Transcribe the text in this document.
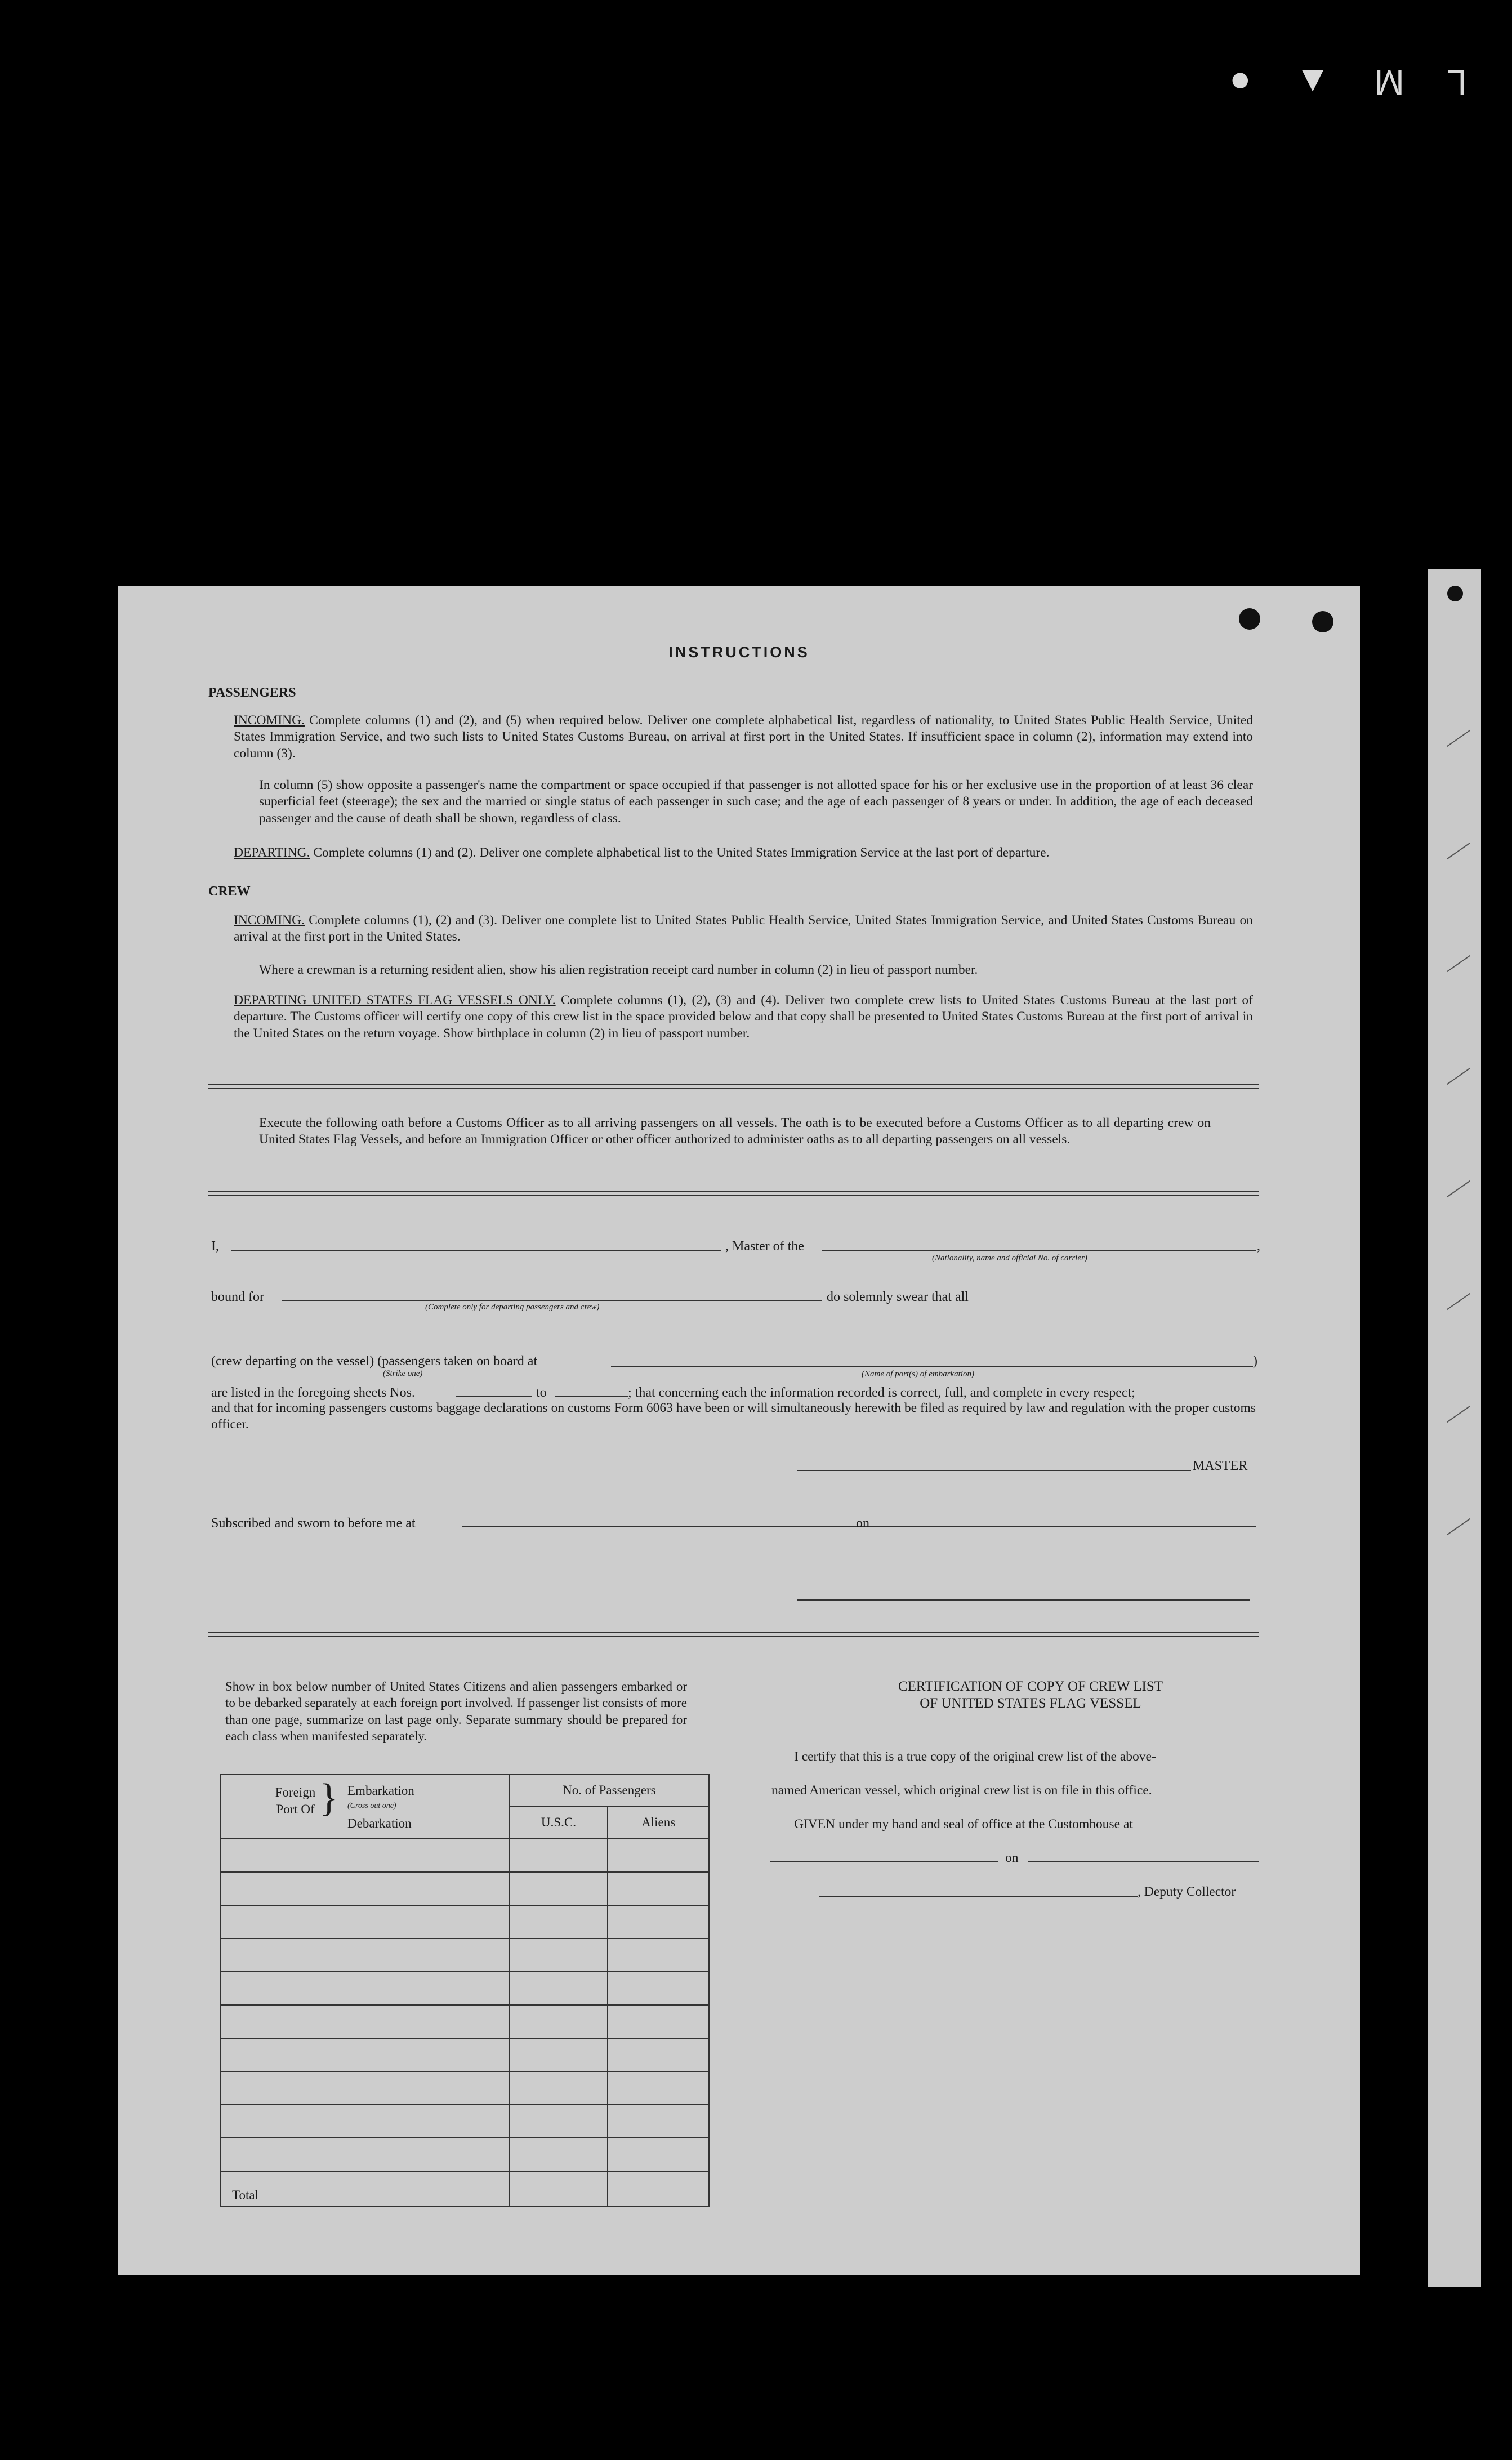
L M ▲ ●
INSTRUCTIONS
PASSENGERS
INCOMING. Complete columns (1) and (2), and (5) when required below. Deliver one complete alphabetical list, regardless of nationality, to United States Public Health Service, United States Immigration Service, and two such lists to United States Customs Bureau, on arrival at first port in the United States. If insufficient space in column (2), information may extend into column (3).
In column (5) show opposite a passenger's name the compartment or space occupied if that passenger is not allotted space for his or her exclusive use in the proportion of at least 36 clear superficial feet (steerage); the sex and the married or single status of each passenger in such case; and the age of each passenger of 8 years or under. In addition, the age of each deceased passenger and the cause of death shall be shown, regardless of class.
DEPARTING. Complete columns (1) and (2). Deliver one complete alphabetical list to the United States Immigration Service at the last port of departure.
CREW
INCOMING. Complete columns (1), (2) and (3). Deliver one complete list to United States Public Health Service, United States Immigration Service, and United States Customs Bureau on arrival at the first port in the United States.
Where a crewman is a returning resident alien, show his alien registration receipt card number in column (2) in lieu of passport number.
DEPARTING UNITED STATES FLAG VESSELS ONLY. Complete columns (1), (2), (3) and (4). Deliver two complete crew lists to United States Customs Bureau at the last port of departure. The Customs officer will certify one copy of this crew list in the space provided below and that copy shall be presented to United States Customs Bureau at the first port of arrival in the United States on the return voyage. Show birthplace in column (2) in lieu of passport number.
Execute the following oath before a Customs Officer as to all arriving passengers on all vessels. The oath is to be executed before a Customs Officer as to all departing crew on United States Flag Vessels, and before an Immigration Officer or other officer authorized to administer oaths as to all departing passengers on all vessels.
I,	, Master of the	,
(Nationality, name and official No. of carrier)
bound for
(Complete only for departing passengers and crew)
do solemnly swear that all
(crew departing on the vessel) (passengers taken on board at
(Strike one)
)
(Name of port(s) of embarkation)
are listed in the foregoing sheets Nos.	to	; that concerning each the information recorded is correct, full, and complete in every respect;
and that for incoming passengers customs baggage declarations on customs Form 6063 have been or will simultaneously herewith be filed as required by law and regulation with the proper customs officer.
MASTER
Subscribed and sworn to before me at	on
Show in box below number of United States Citizens and alien passengers embarked or to be debarked separately at each foreign port involved. If passenger list consists of more than one page, summarize on last page only. Separate summary should be prepared for each class when manifested separately.
Foreign Port Of } Embarkation
(Cross out one)
Debarkation	No. of Passengers	
	U.S.C.	Aliens

Total		
CERTIFICATION OF COPY OF CREW LIST
OF UNITED STATES FLAG VESSEL
I certify that this is a true copy of the original crew list of the above-
named American vessel, which original crew list is on file in this office.
GIVEN under my hand and seal of office at the Customhouse at
on
, Deputy Collector
